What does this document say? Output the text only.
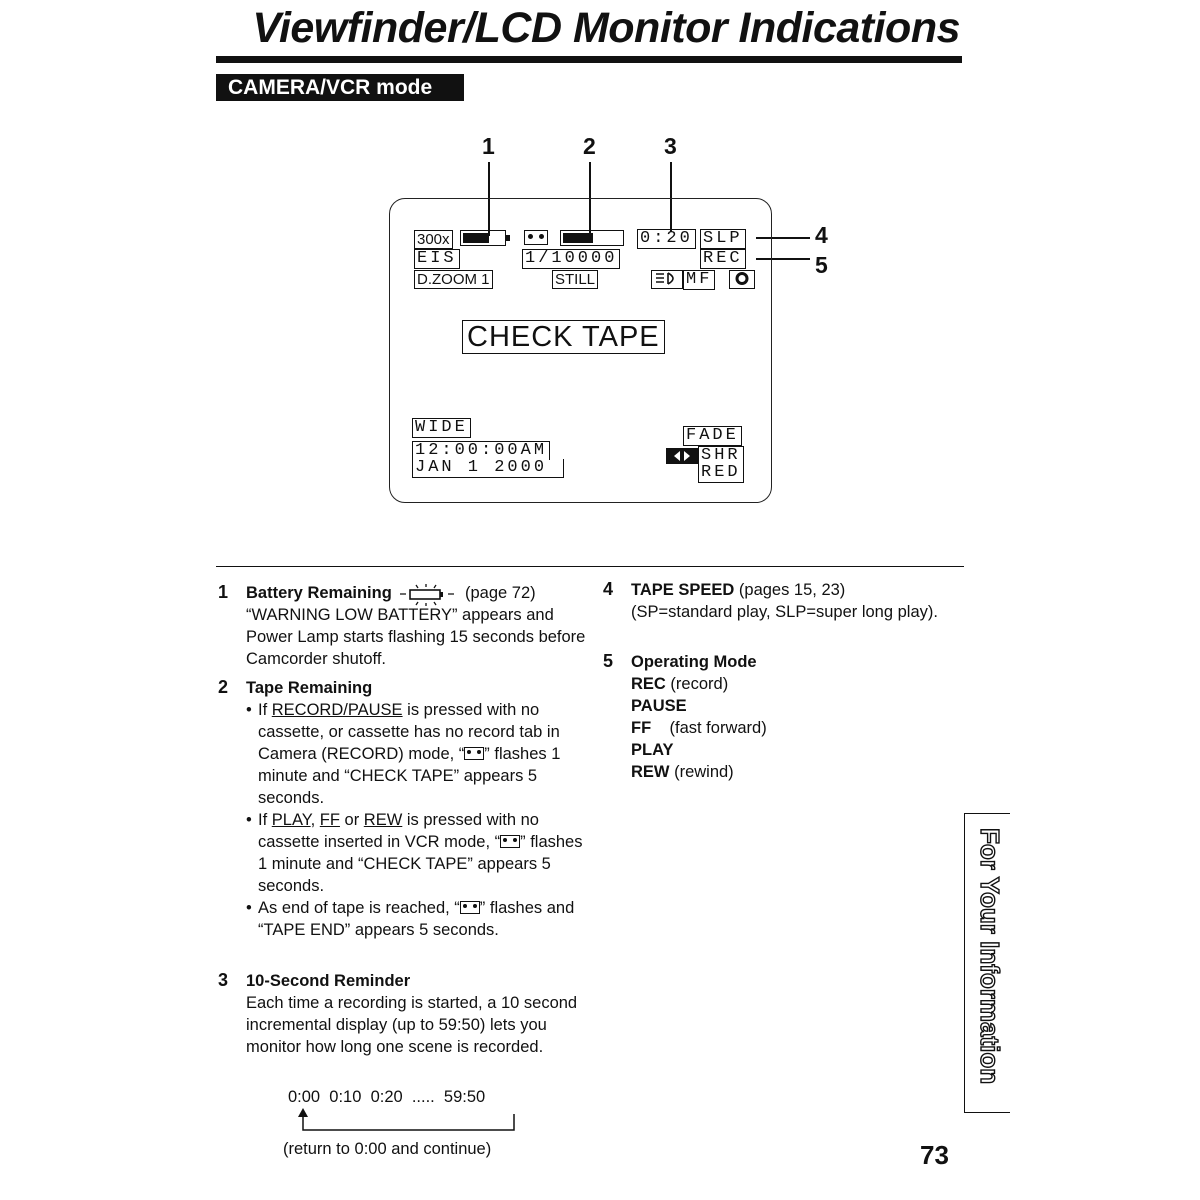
Viewfinder/LCD Monitor Indications
CAMERA/VCR mode
1	2	3
4
5
300x	0:20 SLP
EIS	1/10000	REC
D.ZOOM 1	STILL	MF
CHECK TAPE
WIDE
12:00:00AM
JAN 1 2000
FADE
SHR
RED
1 Battery Remaining	(page 72)
“WARNING LOW BATTERY” appears and Power Lamp starts flashing 15 seconds before Camcorder shutoff.
2 Tape Remaining
• If RECORD/PAUSE is pressed with no cassette, or cassette has no record tab in Camera (RECORD) mode, “ ” flashes 1 minute and “CHECK TAPE” appears 5 seconds.
• If PLAY, FF or REW is pressed with no cassette inserted in VCR mode, “ ” flashes 1 minute and “CHECK TAPE” appears 5 seconds.
• As end of tape is reached, “ ” flashes and “TAPE END” appears 5 seconds.
3 10-Second Reminder
Each time a recording is started, a 10 second incremental display (up to 59:50) lets you monitor how long one scene is recorded.
0:00  0:10  0:20  .....  59:50
(return to 0:00 and continue)
4 TAPE SPEED (pages 15, 23)
(SP=standard play, SLP=super long play).
5 Operating Mode
REC (record)
PAUSE
FF    (fast forward)
PLAY
REW (rewind)
For Your Information
73
